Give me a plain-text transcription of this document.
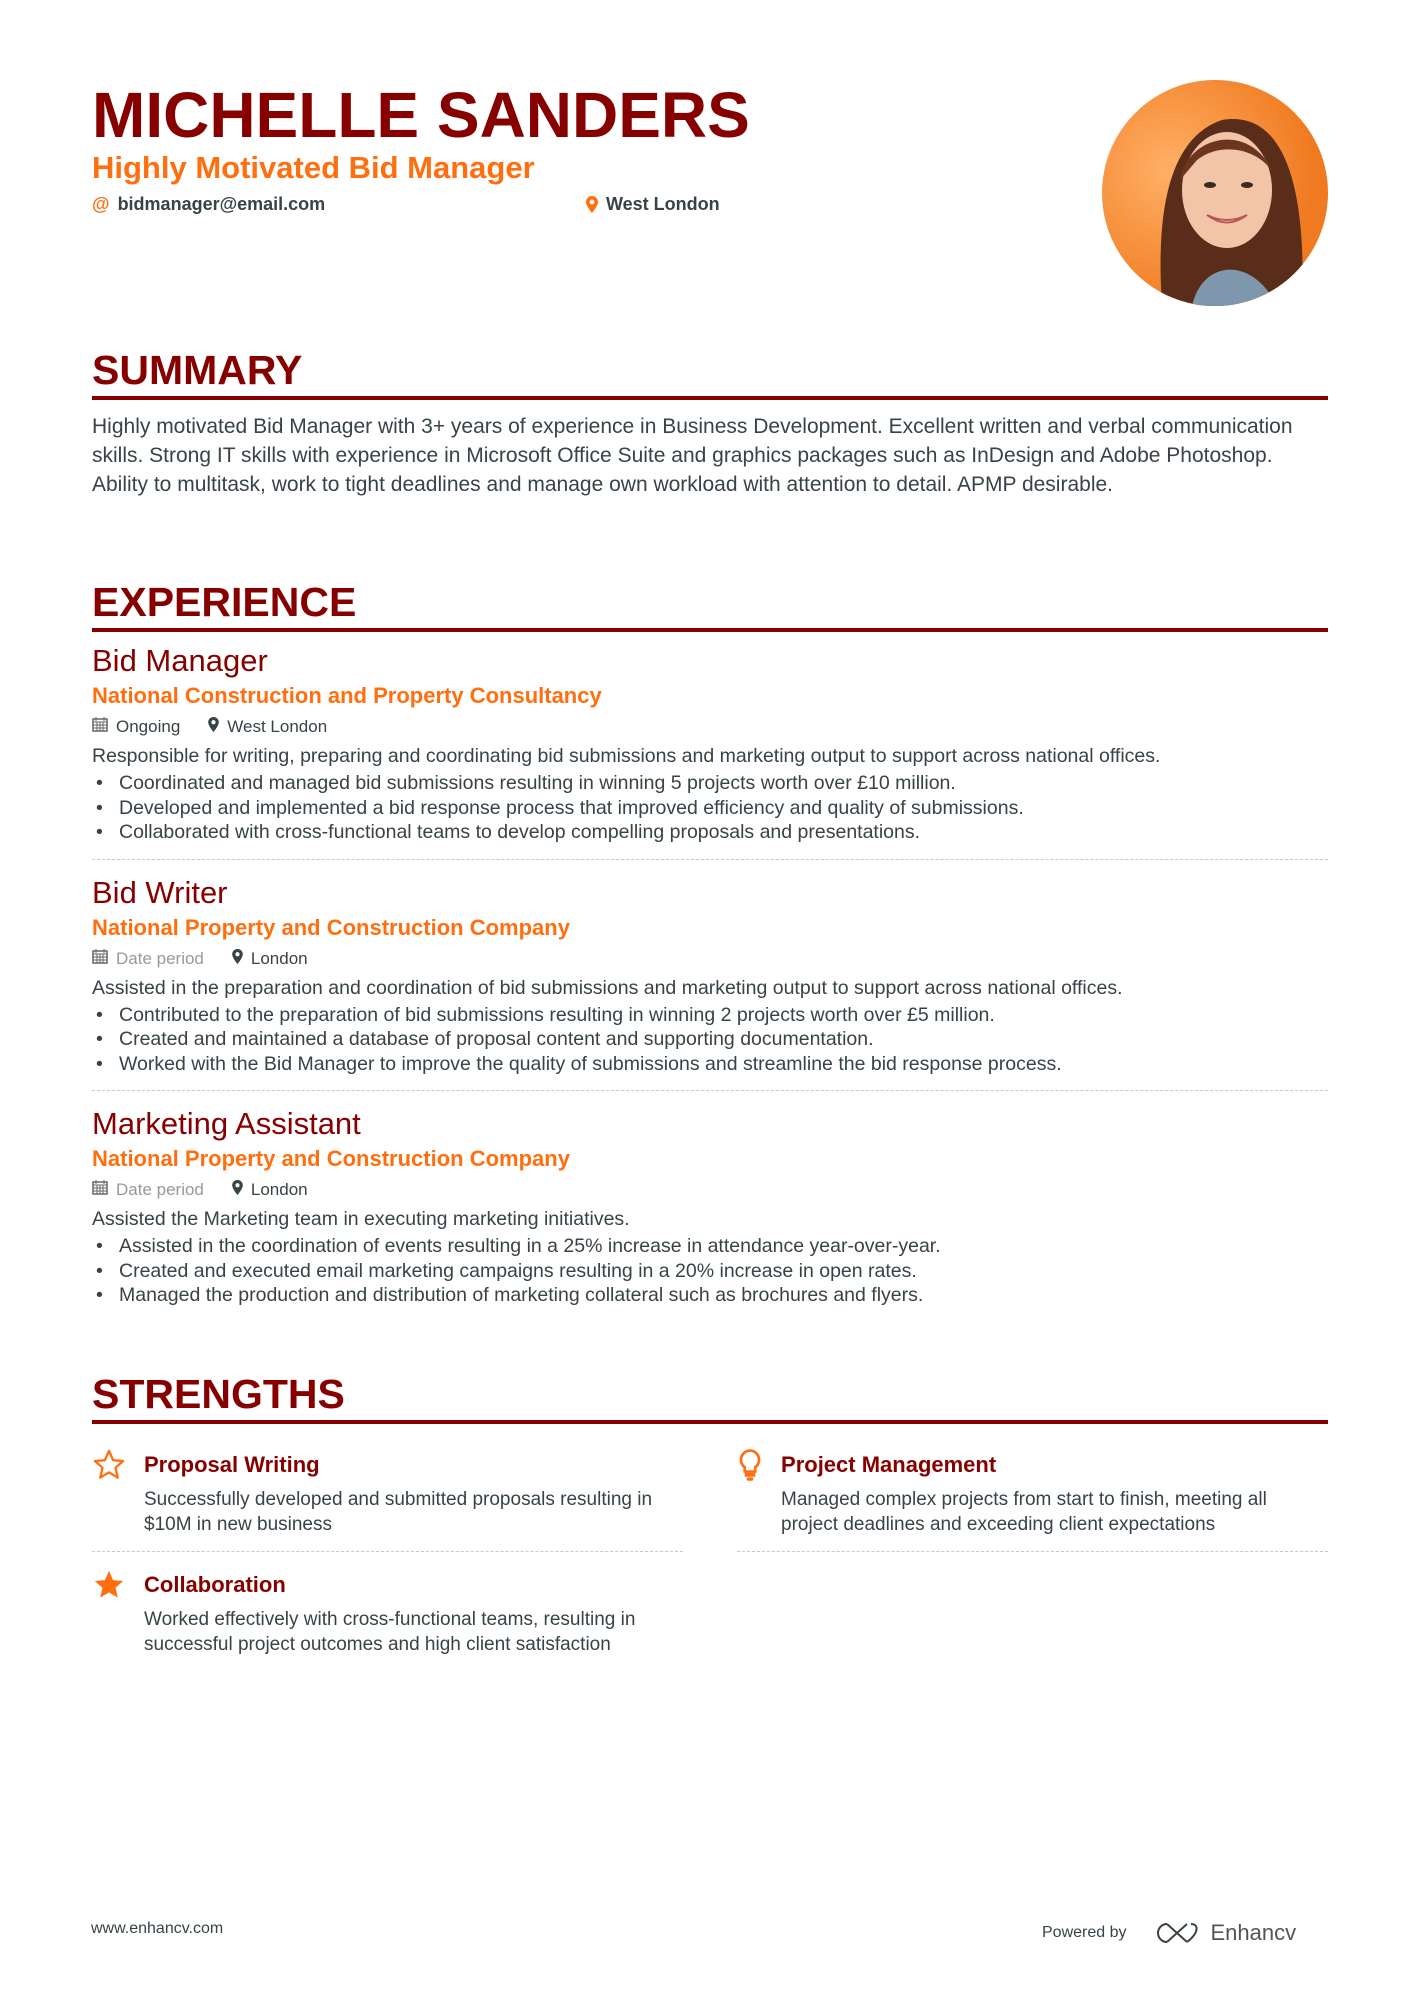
MICHELLE SANDERS
Highly Motivated Bid Manager
@ bidmanager@email.com	West London
SUMMARY

Highly motivated Bid Manager with 3+ years of experience in Business Development. Excellent written and verbal communication skills. Strong IT skills with experience in Microsoft Office Suite and graphics packages such as InDesign and Adobe Photoshop. Ability to multitask, work to tight deadlines and manage own workload with attention to detail. APMP desirable.

EXPERIENCE
Bid Manager
National Construction and Property Consultancy
Ongoing	West London
Responsible for writing, preparing and coordinating bid submissions and marketing output to support across national offices.
• Coordinated and managed bid submissions resulting in winning 5 projects worth over £10 million.
• Developed and implemented a bid response process that improved efficiency and quality of submissions.
• Collaborated with cross-functional teams to develop compelling proposals and presentations.
Bid Writer
National Property and Construction Company
Date period	London
Assisted in the preparation and coordination of bid submissions and marketing output to support across national offices.
• Contributed to the preparation of bid submissions resulting in winning 2 projects worth over £5 million.
• Created and maintained a database of proposal content and supporting documentation.
• Worked with the Bid Manager to improve the quality of submissions and streamline the bid response process.
Marketing Assistant
National Property and Construction Company
Date period	London
Assisted the Marketing team in executing marketing initiatives.
• Assisted in the coordination of events resulting in a 25% increase in attendance year-over-year.
• Created and executed email marketing campaigns resulting in a 20% increase in open rates.
• Managed the production and distribution of marketing collateral such as brochures and flyers.
STRENGTHS
Proposal Writing
Successfully developed and submitted proposals resulting in $10M in new business
Project Management
Managed complex projects from start to finish, meeting all project deadlines and exceeding client expectations
Collaboration
Worked effectively with cross-functional teams, resulting in successful project outcomes and high client satisfaction
www.enhancv.com	Powered by	Enhancv
